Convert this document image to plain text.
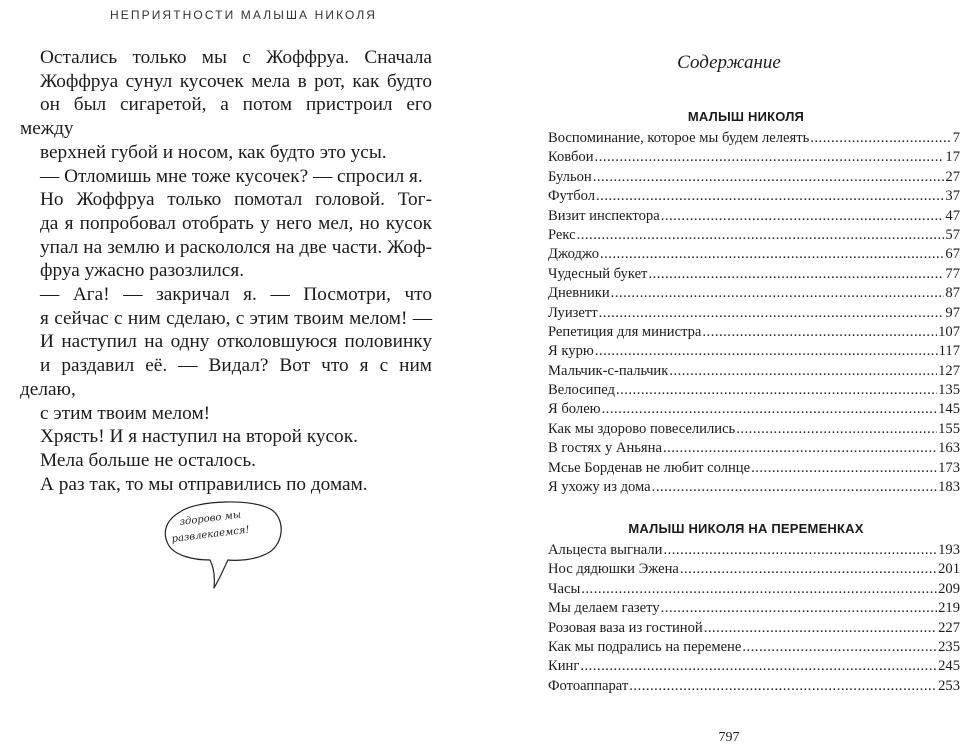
НЕПРИЯТНОСТИ МАЛЫША НИКОЛЯ
Остались только мы с Жоффруа. Сначала
Жоффруа сунул кусочек мела в рот, как будто
он был сигаретой, а потом пристроил его между
верхней губой и носом, как будто это усы.
— Отломишь мне тоже кусочек? — спросил я.
Но Жоффруа только помотал головой. Тог-
да я попробовал отобрать у него мел, но кусок
упал на землю и раскололся на две части. Жоф-
фруа ужасно разозлился.
— Ага! — закричал я. — Посмотри, что
я сейчас с ним сделаю, с этим твоим мелом! —
И наступил на одну отколовшуюся половинку
и раздавил её. — Видал? Вот что я с ним делаю,
с этим твоим мелом!
Хрясть! И я наступил на второй кусок.
Мела больше не осталось.
А раз так, то мы отправились по домам.
здорово мы
развлекаемся!
Содержание
МАЛЫШ НИКОЛЯ
Воспоминание, которое мы будем лелеять .....	7
Ковбои .....	17
Бульон .....	27
Футбол .....	37
Визит инспектора .....	47
Рекс .....	57
Джоджо .....	67
Чудесный букет .....	77
Дневники .....	87
Луизетт .....	97
Репетиция для министра .....	107
Я курю .....	117
Мальчик-с-пальчик .....	127
Велосипед .....	135
Я болею .....	145
Как мы здорово повеселились .....	155
В гостях у Аньяна .....	163
Мсье Борденав не любит солнце .....	173
Я ухожу из дома .....	183
МАЛЫШ НИКОЛЯ НА ПЕРЕМЕНКАХ
Альцеста выгнали .....	193
Нос дядюшки Эжена .....	201
Часы .....	209
Мы делаем газету .....	219
Розовая ваза из гостиной .....	227
Как мы подрались на перемене .....	235
Кинг .....	245
Фотоаппарат .....	253
797
